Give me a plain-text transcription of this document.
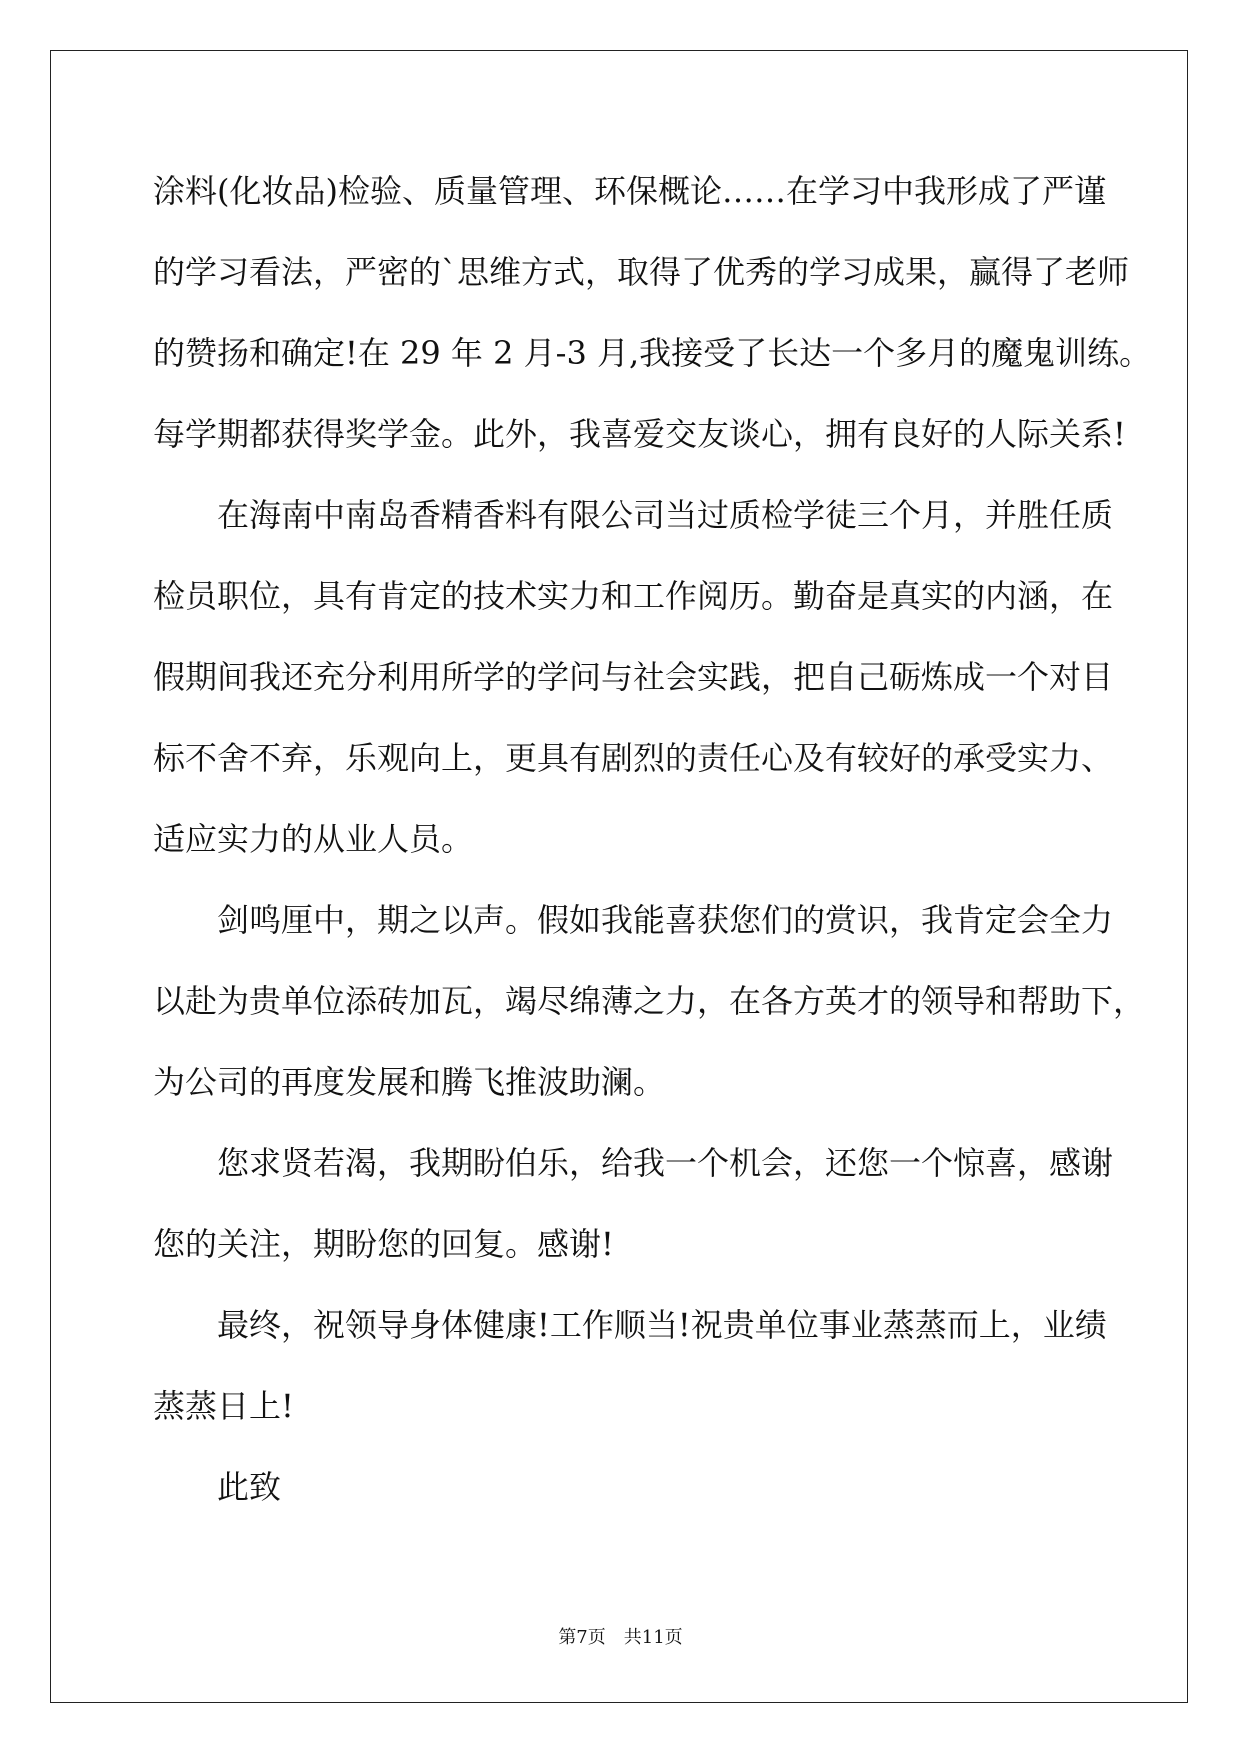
涂料(化妆品)检验、质量管理、环保概论……在学习中我形成了严谨
的学习看法，严密的`思维方式，取得了优秀的学习成果，赢得了老师
的赞扬和确定!在 29 年 2 月-3 月,我接受了长达一个多月的魔鬼训练。
每学期都获得奖学金。此外，我喜爱交友谈心，拥有良好的人际关系!
在海南中南岛香精香料有限公司当过质检学徒三个月，并胜任质
检员职位，具有肯定的技术实力和工作阅历。勤奋是真实的内涵，在
假期间我还充分利用所学的学问与社会实践，把自己砺炼成一个对目
标不舍不弃，乐观向上，更具有剧烈的责任心及有较好的承受实力、
适应实力的从业人员。
剑鸣厘中，期之以声。假如我能喜获您们的赏识，我肯定会全力
以赴为贵单位添砖加瓦，竭尽绵薄之力，在各方英才的领导和帮助下，
为公司的再度发展和腾飞推波助澜。
您求贤若渴，我期盼伯乐，给我一个机会，还您一个惊喜，感谢
您的关注，期盼您的回复。感谢!
最终，祝领导身体健康!工作顺当!祝贵单位事业蒸蒸而上，业绩
蒸蒸日上!
此致
第7页 共11页
